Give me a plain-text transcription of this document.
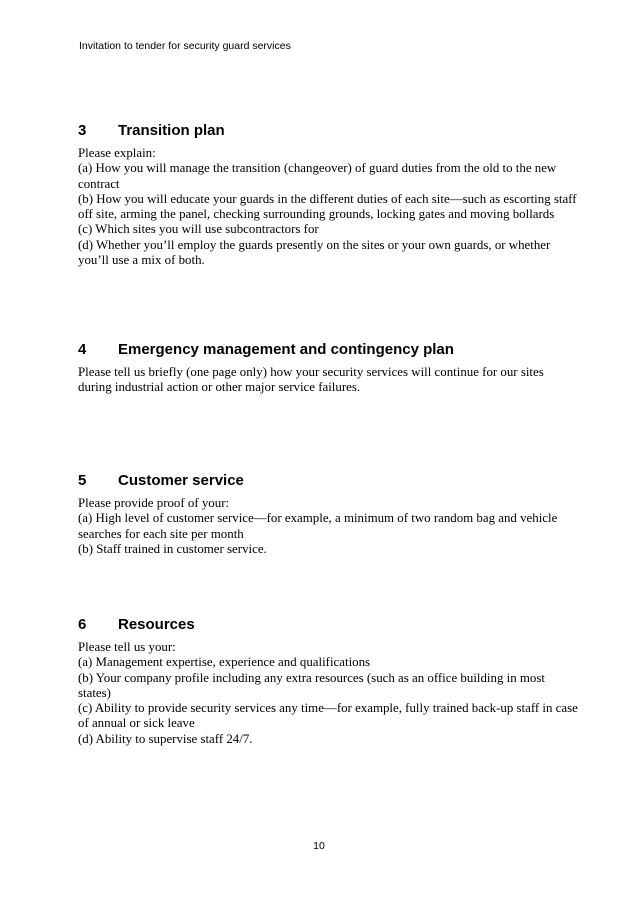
Invitation to tender for security guard services
3	Transition plan

Please explain:

(a) How you will manage the transition (changeover) of guard duties from the old to the new contract

(b) How you will educate your guards in the different duties of each site—such as escorting staff off site, arming the panel, checking surrounding grounds, locking gates and moving bollards

(c) Which sites you will use subcontractors for

(d) Whether you’ll employ the guards presently on the sites or your own guards, or whether you’ll use a mix of both.

4	Emergency management and contingency plan

Please tell us briefly (one page only) how your security services will continue for our sites during industrial action or other major service failures.

5	Customer service

Please provide proof of your:

(a) High level of customer service—for example, a minimum of two random bag and vehicle searches for each site per month

(b) Staff trained in customer service.

6	Resources

Please tell us your:

(a) Management expertise, experience and qualifications

(b) Your company profile including any extra resources (such as an office building in most states)

(c) Ability to provide security services any time—for example, fully trained back-up staff in case of annual or sick leave

(d) Ability to supervise staff 24/7.

10
